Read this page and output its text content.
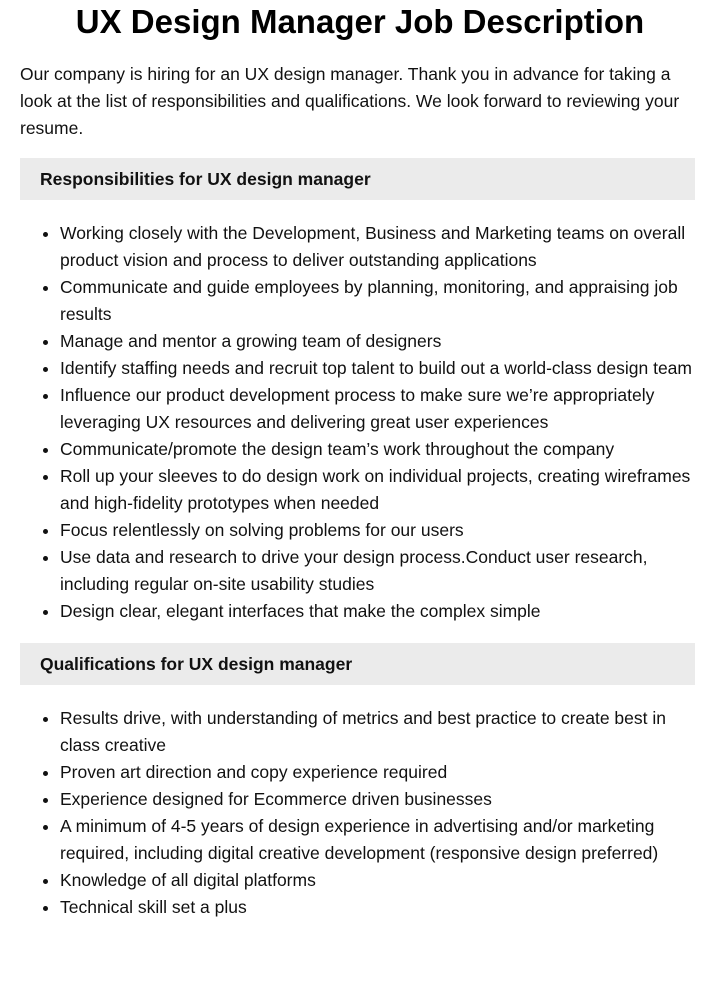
UX Design Manager Job Description

Our company is hiring for an UX design manager. Thank you in advance for taking a look at the list of responsibilities and qualifications. We look forward to reviewing your resume.

Responsibilities for UX design manager
• Working closely with the Development, Business and Marketing teams on overall product vision and process to deliver outstanding applications
• Communicate and guide employees by planning, monitoring, and appraising job results
• Manage and mentor a growing team of designers
• Identify staffing needs and recruit top talent to build out a world-class design team
• Influence our product development process to make sure we’re appropriately leveraging UX resources and delivering great user experiences
• Communicate/promote the design team’s work throughout the company
• Roll up your sleeves to do design work on individual projects, creating wireframes and high-fidelity prototypes when needed
• Focus relentlessly on solving problems for our users
• Use data and research to drive your design process.Conduct user research, including regular on-site usability studies
• Design clear, elegant interfaces that make the complex simple
Qualifications for UX design manager
• Results drive, with understanding of metrics and best practice to create best in class creative
• Proven art direction and copy experience required
• Experience designed for Ecommerce driven businesses
• A minimum of 4-5 years of design experience in advertising and/or marketing required, including digital creative development (responsive design preferred)
• Knowledge of all digital platforms
• Technical skill set a plus
